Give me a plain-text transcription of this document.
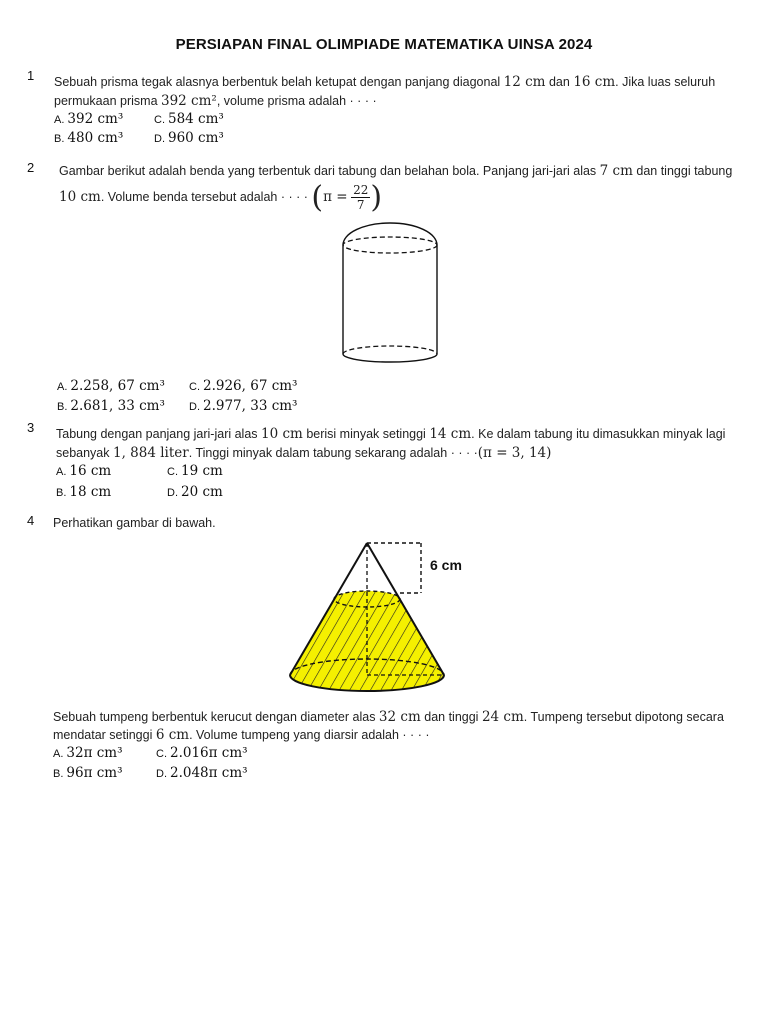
PERSIAPAN FINAL OLIMPIADE MATEMATIKA UINSA 2024
1 Sebuah prisma tegak alasnya berbentuk belah ketupat dengan panjang diagonal 12 cm dan 16 cm. Jika luas seluruh
permukaan prisma 392 cm², volume prisma adalah · · · ·
A. 392 cm³	C. 584 cm³
B. 480 cm³	D. 960 cm³
2 Gambar berikut adalah benda yang terbentuk dari tabung dan belahan bola. Panjang jari-jari alas 7 cm dan tinggi tabung
10 cm. Volume benda tersebut adalah · · · · ($\pi = \frac{22}{7}$ )
A. 2.258, 67 cm³ C. 2.926, 67 cm³
B. 2.681, 33 cm³ D. 2.977, 33 cm³
3 Tabung dengan panjang jari-jari alas 10 cm berisi minyak setinggi 14 cm. Ke dalam tabung itu dimasukkan minyak lagi
sebanyak 1, 884 liter. Tinggi minyak dalam tabung sekarang adalah · · · ·(π = 3, 14)
A. 16 cm	C. 19 cm
B. 18 cm	D. 20 cm
4 Perhatikan gambar di bawah.
6 cm
Sebuah tumpeng berbentuk kerucut dengan diameter alas 32 cm dan tinggi 24 cm. Tumpeng tersebut dipotong secara
mendatar setinggi 6 cm. Volume tumpeng yang diarsir adalah · · · ·
A. 32π cm³	C. 2.016π cm³
B. 96π cm³	D. 2.048π cm³
